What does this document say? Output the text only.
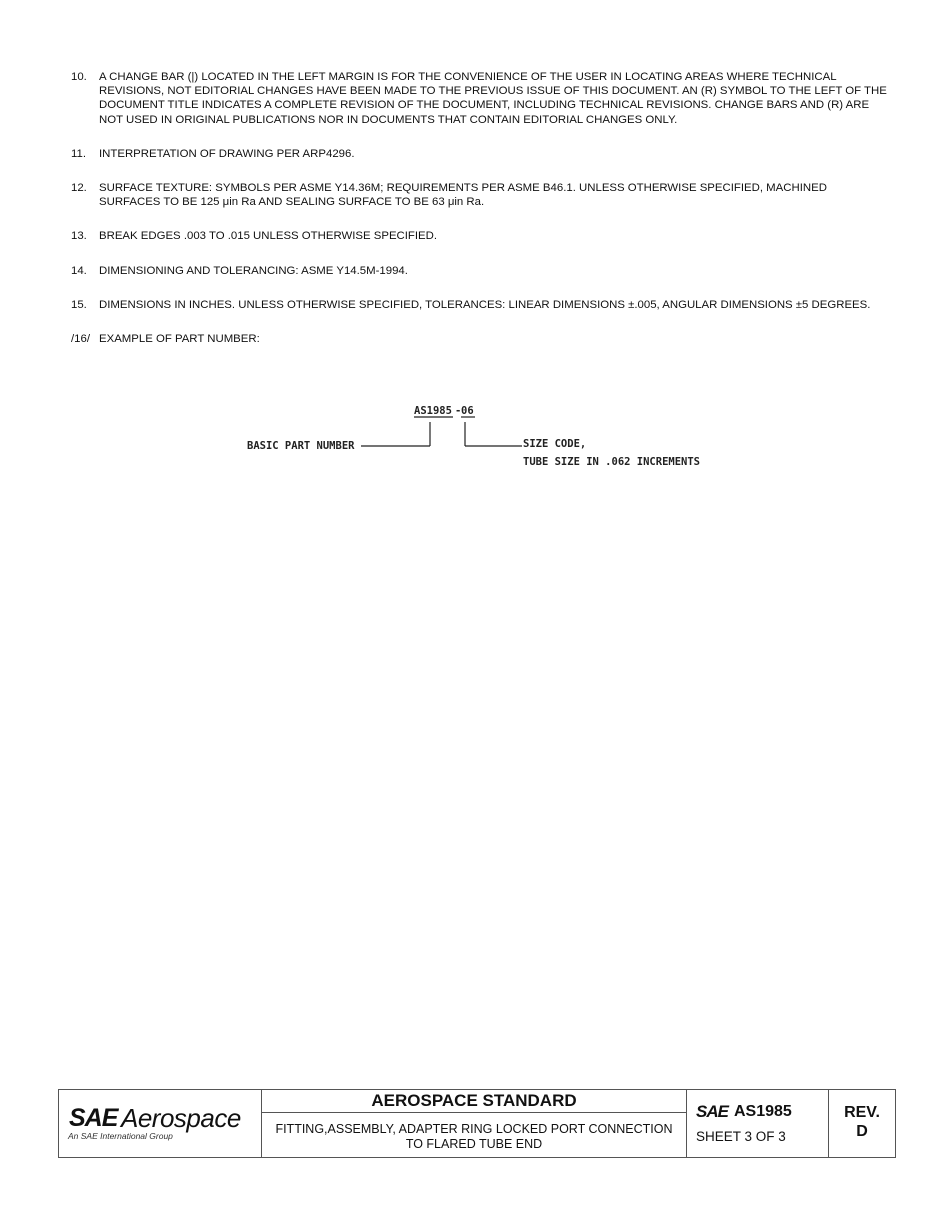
10. A CHANGE BAR (|) LOCATED IN THE LEFT MARGIN IS FOR THE CONVENIENCE OF THE USER IN LOCATING AREAS WHERE TECHNICAL REVISIONS, NOT EDITORIAL CHANGES HAVE BEEN MADE TO THE PREVIOUS ISSUE OF THIS DOCUMENT. AN (R) SYMBOL TO THE LEFT OF THE DOCUMENT TITLE INDICATES A COMPLETE REVISION OF THE DOCUMENT, INCLUDING TECHNICAL REVISIONS. CHANGE BARS AND (R) ARE NOT USED IN ORIGINAL PUBLICATIONS NOR IN DOCUMENTS THAT CONTAIN EDITORIAL CHANGES ONLY.
11. INTERPRETATION OF DRAWING PER ARP4296.
12. SURFACE TEXTURE: SYMBOLS PER ASME Y14.36M; REQUIREMENTS PER ASME B46.1. UNLESS OTHERWISE SPECIFIED, MACHINED SURFACES TO BE 125 μin Ra AND SEALING SURFACE TO BE 63 μin Ra.
13. BREAK EDGES .003 TO .015 UNLESS OTHERWISE SPECIFIED.
14. DIMENSIONING AND TOLERANCING: ASME Y14.5M-1994.
15. DIMENSIONS IN INCHES. UNLESS OTHERWISE SPECIFIED, TOLERANCES: LINEAR DIMENSIONS ±.005, ANGULAR DIMENSIONS ±5 DEGREES.
/16/ EXAMPLE OF PART NUMBER:
AS1985 - 06
BASIC PART NUMBER	SIZE CODE,
TUBE SIZE IN .062 INCREMENTS
SAE Aerospace
An SAE International Group
AEROSPACE STANDARD
FITTING,ASSEMBLY, ADAPTER RING LOCKED PORT CONNECTION
TO FLARED TUBE END
SAE AS1985
SHEET 3 OF 3
REV.
D
